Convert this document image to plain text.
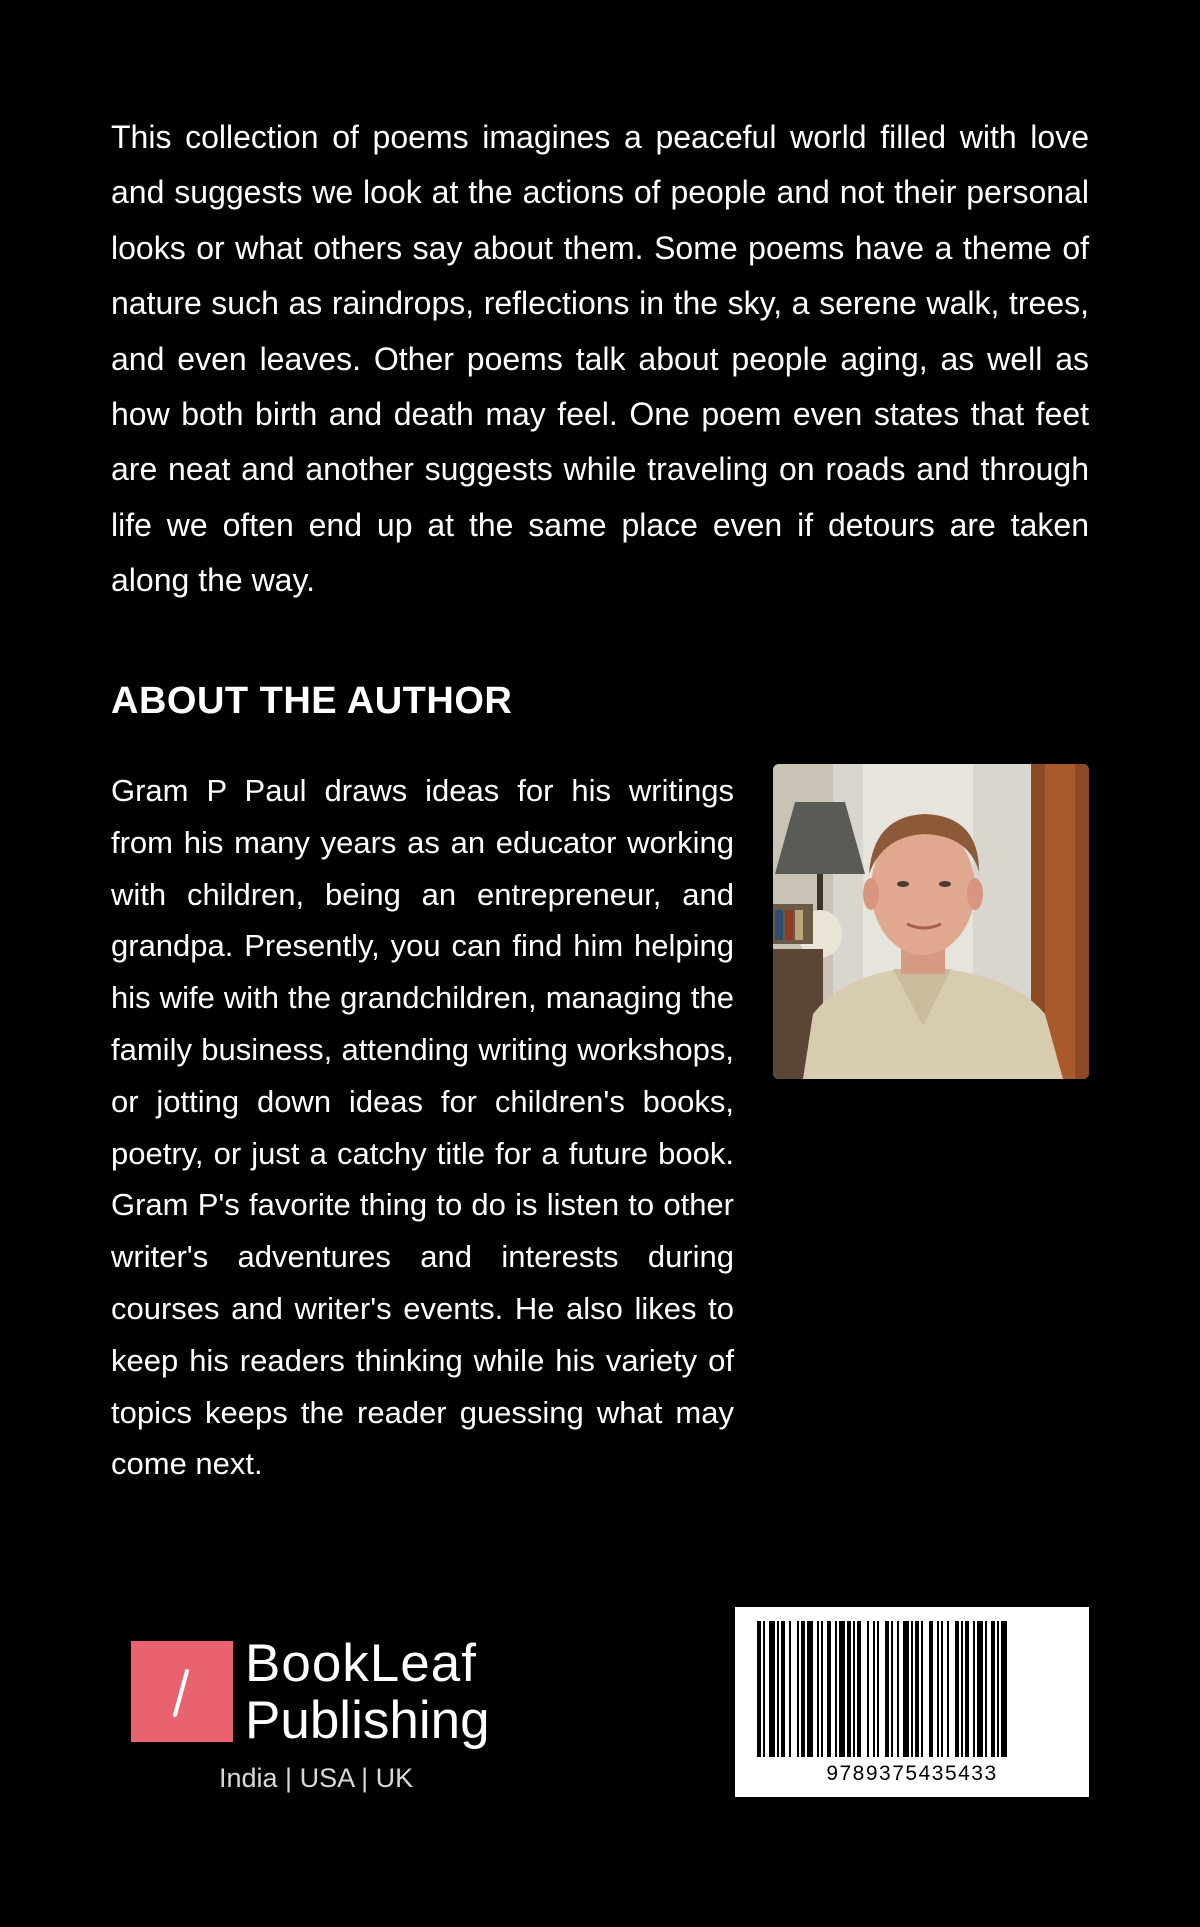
This collection of poems imagines a peaceful world filled with love and suggests we look at the actions of people and not their personal looks or what others say about them. Some poems have a theme of nature such as raindrops, reflections in the sky, a serene walk, trees, and even leaves. Other poems talk about people aging, as well as how both birth and death may feel. One poem even states that feet are neat and another suggests while traveling on roads and through life we often end up at the same place even if detours are taken along the way.

ABOUT THE AUTHOR

Gram P Paul draws ideas for his writings from his many years as an educator working with children, being an entrepreneur, and grandpa. Presently, you can find him helping his wife with the grandchildren, managing the family business, attending writing workshops, or jotting down ideas for children's books, poetry, or just a catchy title for a future book. Gram P's favorite thing to do is listen to other writer's adventures and interests during courses and writer's events. He also likes to keep his readers thinking while his variety of topics keeps the reader guessing what may come next.

BookLeaf
Publishing
India | USA | UK	9789375435433
